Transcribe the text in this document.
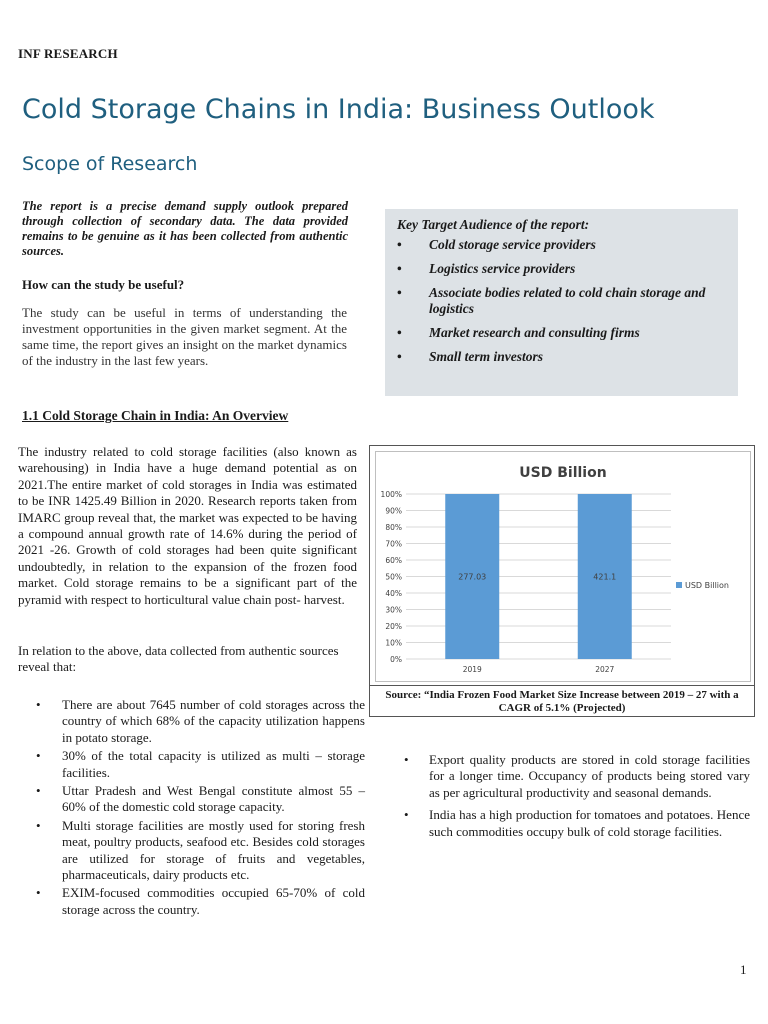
INF RESEARCH
Cold Storage Chains in India: Business Outlook
Scope of Research
The report is a precise demand supply outlook prepared through collection of secondary data. The data provided remains to be genuine as it has been collected from authentic sources.
How can the study be useful?
The study can be useful in terms of understanding the investment opportunities in the given market segment. At the same time, the report gives an insight on the market dynamics of the industry in the last few years.
Key Target Audience of the report:
• Cold storage service providers
• Logistics service providers
• Associate bodies related to cold chain storage and logistics
• Market research and consulting firms
• Small term investors
1.1 Cold Storage Chain in India: An Overview
The industry related to cold storage facilities (also known as warehousing) in India have a huge demand potential as on 2021.The entire market of cold storages in India was estimated to be INR 1425.49 Billion in 2020. Research reports taken from IMARC group reveal that, the market was expected to be having a compound annual growth rate of 14.6% during the period of 2021 -26. Growth of cold storages had been quite significant undoubtedly, in relation to the expansion of the frozen food market. Cold storage remains to be a significant part of the pyramid with respect to horticultural value chain post- harvest.
In relation to the above, data collected from authentic sources reveal that:
• There are about 7645 number of cold storages across the country of which 68% of the capacity utilization happens in potato storage.
• 30% of the total capacity is utilized as multi – storage facilities.
• Uttar Pradesh and West Bengal constitute almost 55 – 60% of the domestic cold storage capacity.
• Multi storage facilities are mostly used for storing fresh meat, poultry products, seafood etc. Besides cold storages are utilized for storage of fruits and vegetables, pharmaceuticals, dairy products etc.
• EXIM-focused commodities occupied 65-70% of cold storage across the country.
• Export quality products are stored in cold storage facilities for a longer time. Occupancy of products being stored vary as per agricultural productivity and seasonal demands.
• India has a high production for tomatoes and potatoes. Hence such commodities occupy bulk of cold storage facilities.
USD Billion
0%
10%
20%
30%
40%
50%
60%
70%
80%
90%
100%
277.03
2019
421.1
2027
USD Billion
Source: “India Frozen Food Market Size Increase between 2019 – 27 with a CAGR of 5.1% (Projected)
1
